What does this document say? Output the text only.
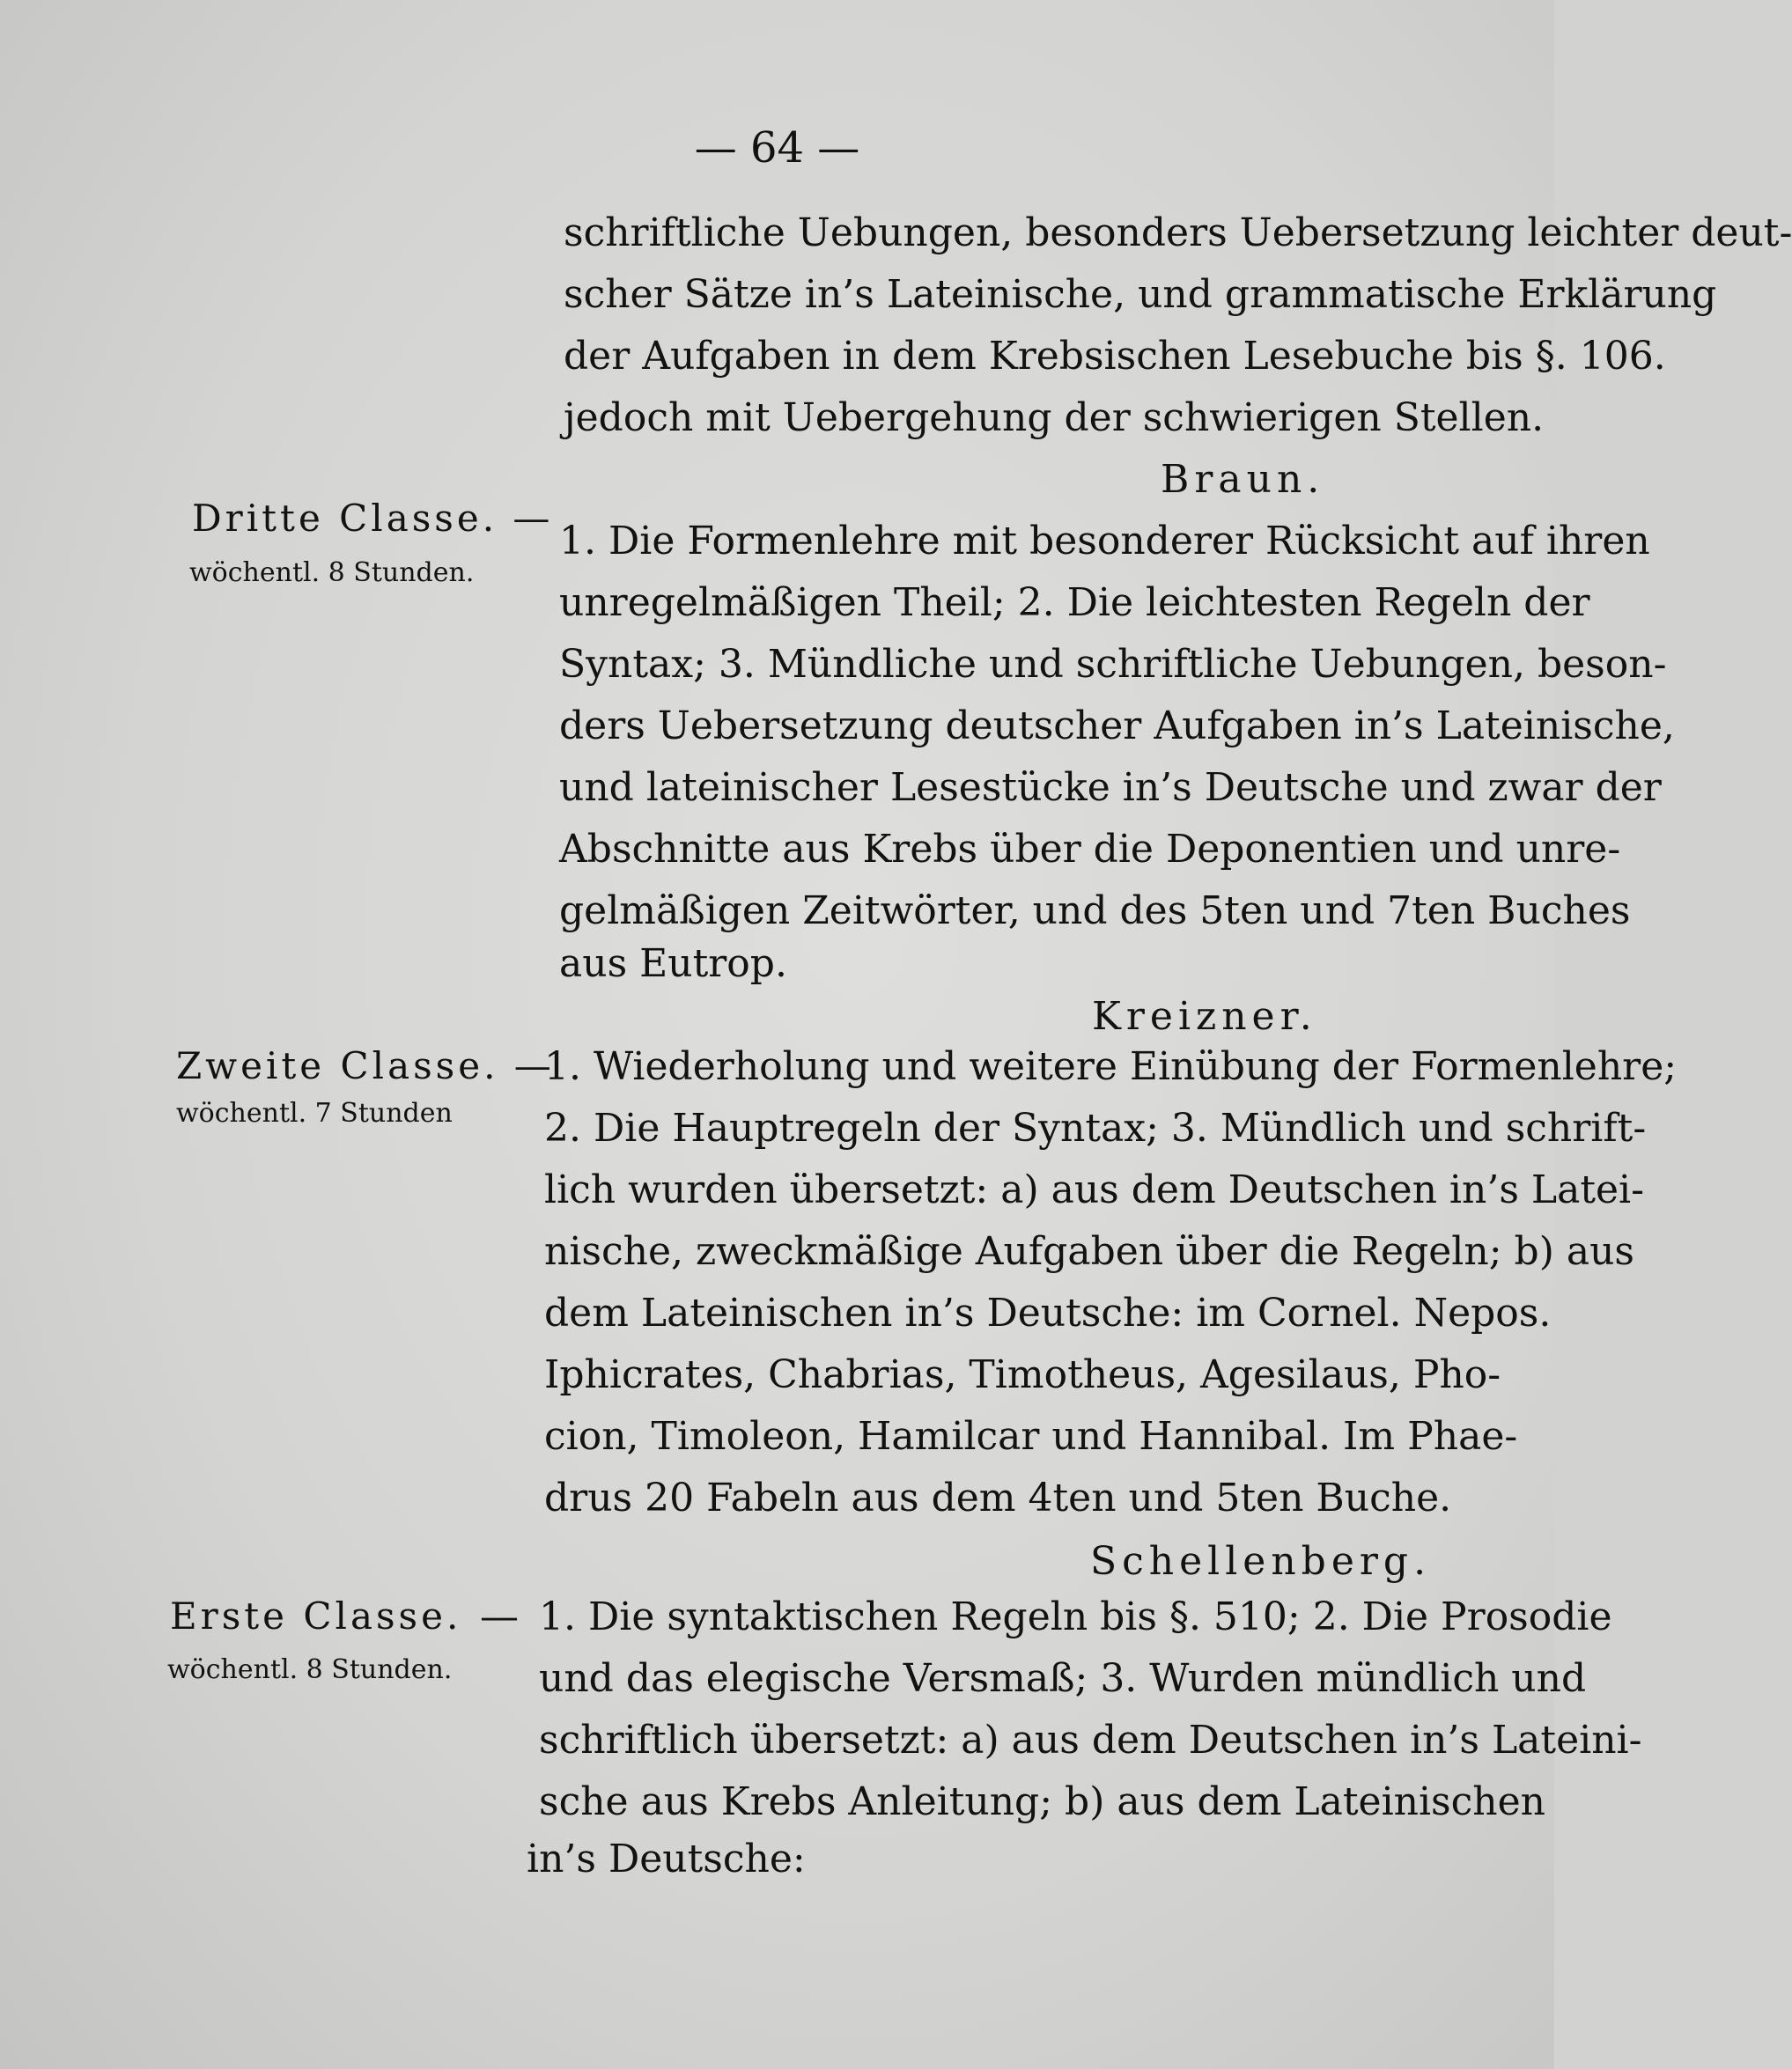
— 64 —
schriftliche Uebungen, besonders Uebersetzung leichter deut-
scher Sätze in’s Lateinische, und grammatische Erklärung
der Aufgaben in dem Krebsischen Lesebuche bis §. 106.
jedoch mit Uebergehung der schwierigen Stellen.
Braun.
Dritte Classe. —
wöchentl. 8 Stunden.
1. Die Formenlehre mit besonderer Rücksicht auf ihren
unregelmäßigen Theil; 2. Die leichtesten Regeln der
Syntax; 3. Mündliche und schriftliche Uebungen, beson-
ders Uebersetzung deutscher Aufgaben in’s Lateinische,
und lateinischer Lesestücke in’s Deutsche und zwar der
Abschnitte aus Krebs über die Deponentien und unre-
gelmäßigen Zeitwörter, und des 5ten und 7ten Buches
aus Eutrop.
Kreizner.
Zweite Classe. —
wöchentl. 7 Stunden
1. Wiederholung und weitere Einübung der Formenlehre;
2. Die Hauptregeln der Syntax; 3. Mündlich und schrift-
lich wurden übersetzt: a) aus dem Deutschen in’s Latei-
nische, zweckmäßige Aufgaben über die Regeln; b) aus
dem Lateinischen in’s Deutsche: im Cornel. Nepos.
Iphicrates, Chabrias, Timotheus, Agesilaus, Pho-
cion, Timoleon, Hamilcar und Hannibal. Im Phae-
drus 20 Fabeln aus dem 4ten und 5ten Buche.
Schellenberg.
Erste Classe. —
wöchentl. 8 Stunden.
1. Die syntaktischen Regeln bis §. 510; 2. Die Prosodie
und das elegische Versmaß; 3. Wurden mündlich und
schriftlich übersetzt: a) aus dem Deutschen in’s Lateini-
sche aus Krebs Anleitung; b) aus dem Lateinischen
in’s Deutsche:
